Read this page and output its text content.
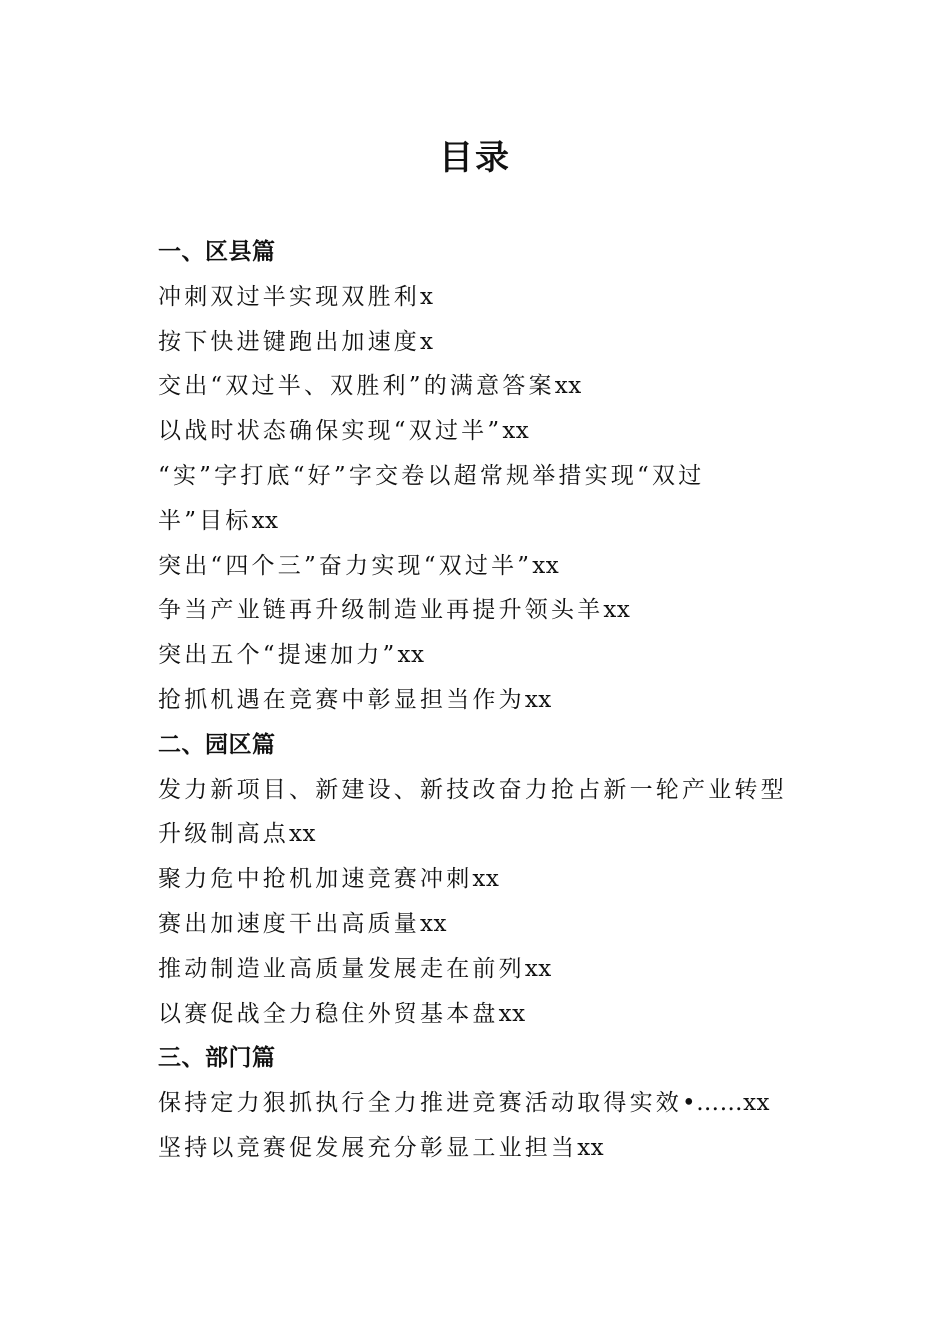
目录
一、区县篇
冲刺双过半实现双胜利x
按下快进键跑出加速度x
交出“双过半、双胜利”的满意答案xx
以战时状态确保实现“双过半”xx
“实”字打底“好”字交卷以超常规举措实现“双过
半”目标xx
突出“四个三”奋力实现“双过半”xx
争当产业链再升级制造业再提升领头羊xx
突出五个“提速加力”xx
抢抓机遇在竞赛中彰显担当作为xx
二、园区篇
发力新项目、新建设、新技改奋力抢占新一轮产业转型
升级制高点xx
聚力危中抢机加速竞赛冲刺xx
赛出加速度干出高质量xx
推动制造业高质量发展走在前列xx
以赛促战全力稳住外贸基本盘xx
三、部门篇
保持定力狠抓执行全力推进竞赛活动取得实效•……xx
坚持以竞赛促发展充分彰显工业担当xx
